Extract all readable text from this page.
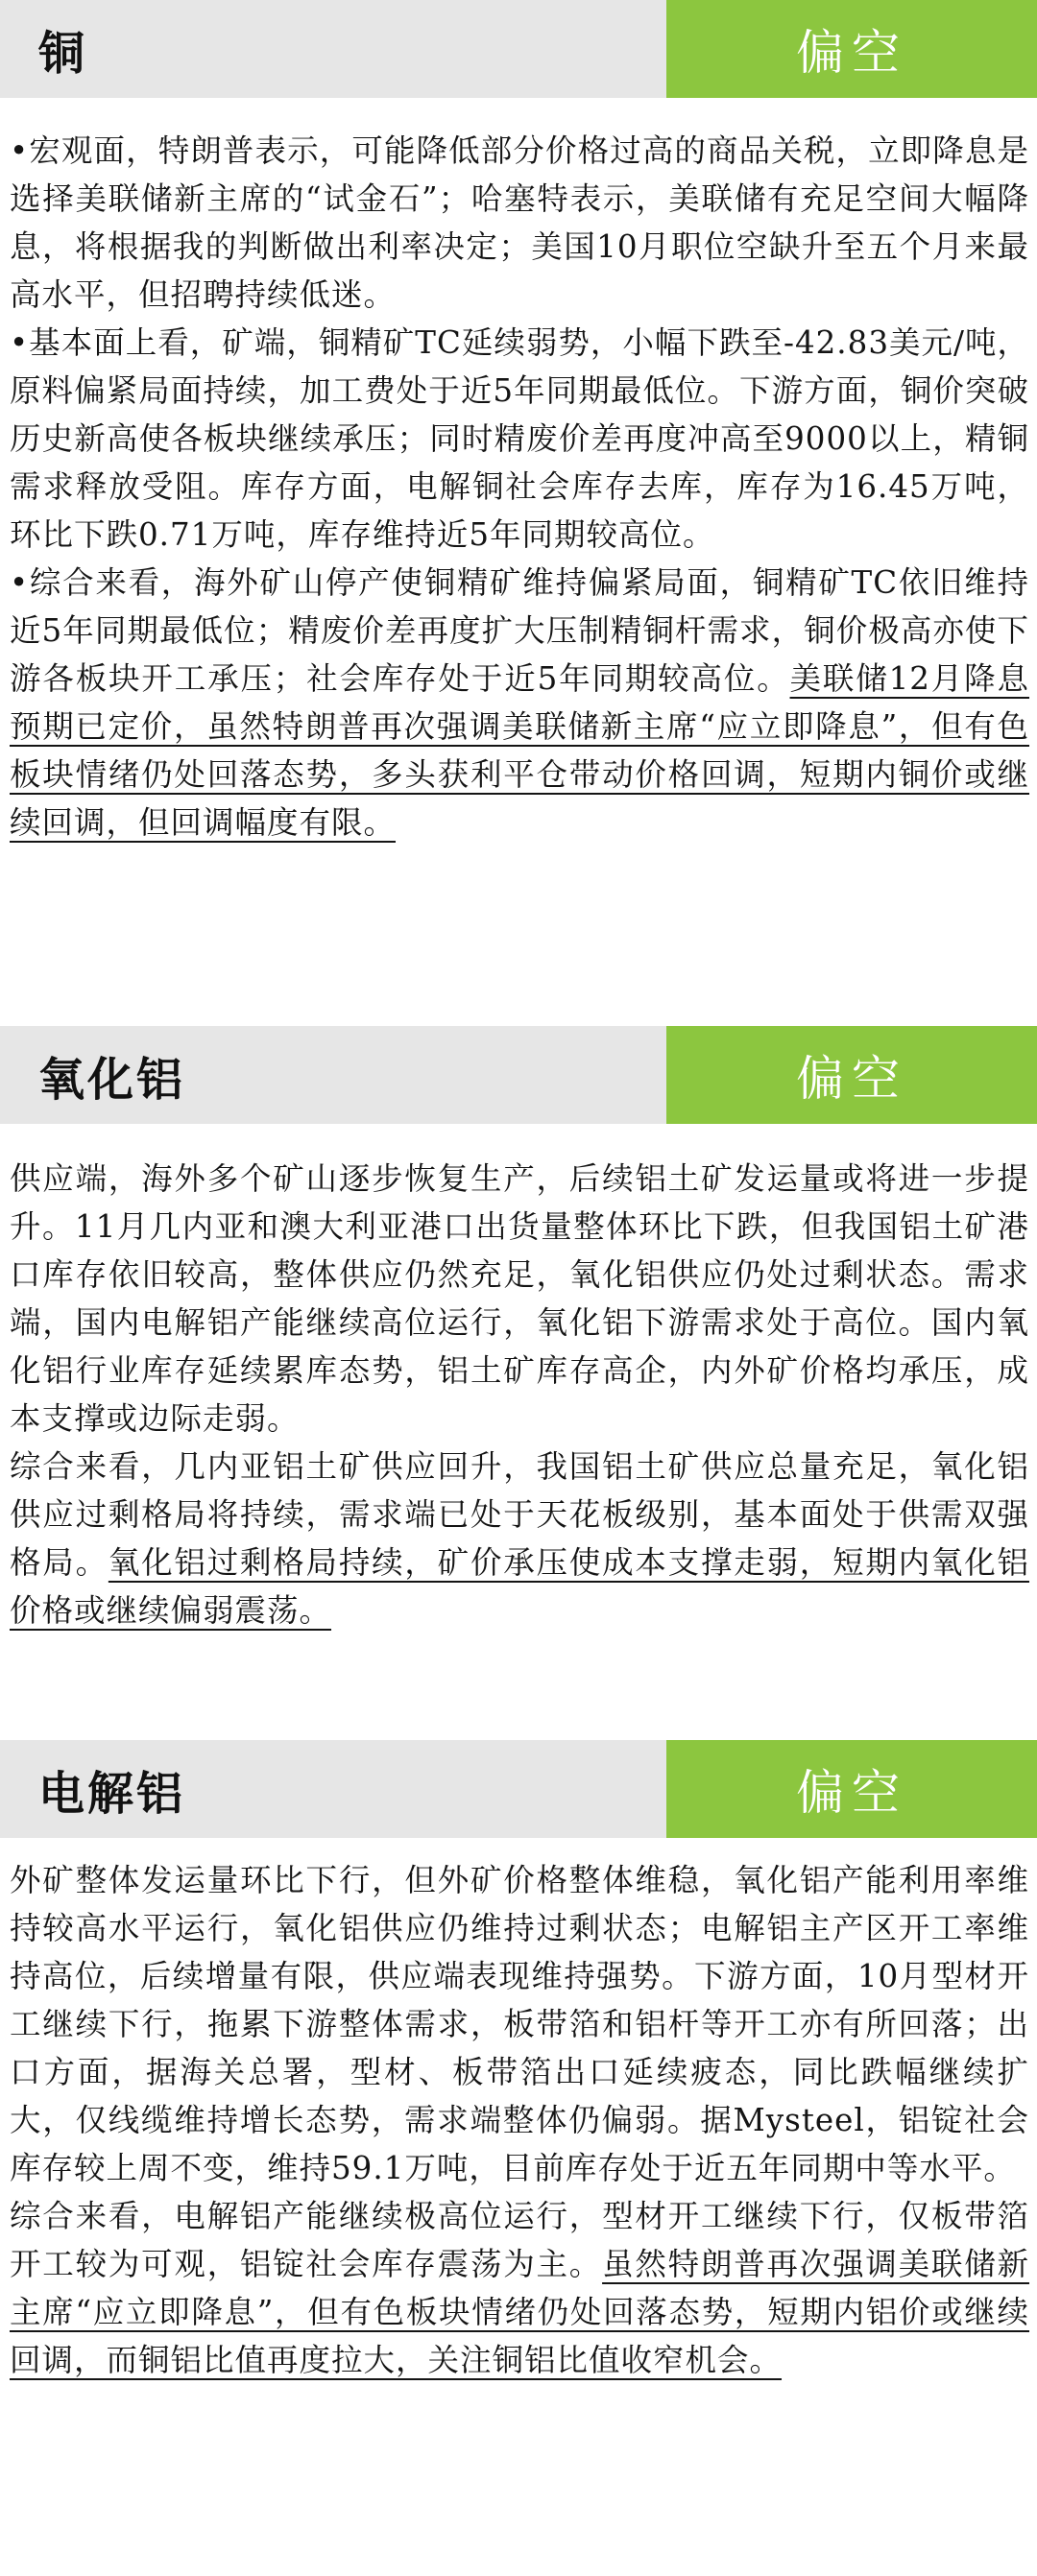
铜	偏空

•宏观面，特朗普表示，可能降低部分价格过高的商品关税，立即降息是选择美联储新主席的“试金石”；哈塞特表示，美联储有充足空间大幅降息，将根据我的判断做出利率决定；美国10月职位空缺升至五个月来最高水平，但招聘持续低迷。

•基本面上看，矿端，铜精矿TC延续弱势，小幅下跌至-42.83美元/吨，原料偏紧局面持续，加工费处于近5年同期最低位。下游方面，铜价突破历史新高使各板块继续承压；同时精废价差再度冲高至9000以上，精铜需求释放受阻。库存方面，电解铜社会库存去库，库存为16.45万吨，环比下跌0.71万吨，库存维持近5年同期较高位。

•综合来看，海外矿山停产使铜精矿维持偏紧局面，铜精矿TC依旧维持近5年同期最低位；精废价差再度扩大压制精铜杆需求，铜价极高亦使下游各板块开工承压；社会库存处于近5年同期较高位。美联储12月降息预期已定价，虽然特朗普再次强调美联储新主席“应立即降息”，但有色板块情绪仍处回落态势，多头获利平仓带动价格回调，短期内铜价或继续回调，但回调幅度有限。

氧化铝	偏空

供应端，海外多个矿山逐步恢复生产，后续铝土矿发运量或将进一步提升。11月几内亚和澳大利亚港口出货量整体环比下跌，但我国铝土矿港口库存依旧较高，整体供应仍然充足，氧化铝供应仍处过剩状态。需求端，国内电解铝产能继续高位运行，氧化铝下游需求处于高位。国内氧化铝行业库存延续累库态势，铝土矿库存高企，内外矿价格均承压，成本支撑或边际走弱。

综合来看，几内亚铝土矿供应回升，我国铝土矿供应总量充足，氧化铝供应过剩格局将持续，需求端已处于天花板级别，基本面处于供需双强格局。氧化铝过剩格局持续，矿价承压使成本支撑走弱，短期内氧化铝价格或继续偏弱震荡。

电解铝	偏空

外矿整体发运量环比下行，但外矿价格整体维稳，氧化铝产能利用率维持较高水平运行，氧化铝供应仍维持过剩状态；电解铝主产区开工率维持高位，后续增量有限，供应端表现维持强势。下游方面，10月型材开工继续下行，拖累下游整体需求，板带箔和铝杆等开工亦有所回落；出口方面，据海关总署，型材、板带箔出口延续疲态，同比跌幅继续扩大，仅线缆维持增长态势，需求端整体仍偏弱。据Mysteel，铝锭社会库存较上周不变，维持59.1万吨，目前库存处于近五年同期中等水平。

综合来看，电解铝产能继续极高位运行，型材开工继续下行，仅板带箔开工较为可观，铝锭社会库存震荡为主。虽然特朗普再次强调美联储新主席“应立即降息”，但有色板块情绪仍处回落态势，短期内铝价或继续回调，而铜铝比值再度拉大，关注铜铝比值收窄机会。
